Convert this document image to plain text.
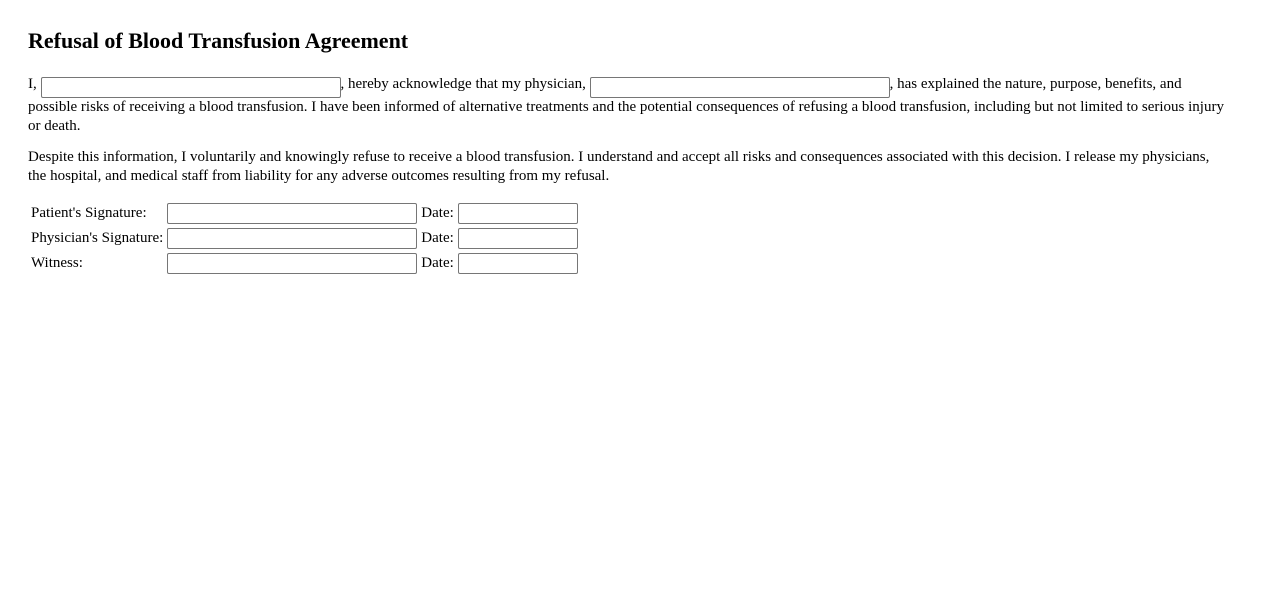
Refusal of Blood Transfusion Agreement

I,	, hereby acknowledge that my physician,	, has explained the nature, purpose, benefits, and possible risks of receiving a blood transfusion. I have been informed of alternative treatments and the potential consequences of refusing a blood transfusion, including but not limited to serious injury or death.

Despite this information, I voluntarily and knowingly refuse to receive a blood transfusion. I understand and accept all risks and consequences associated with this decision. I release my physicians, the hospital, and medical staff from liability for any adverse outcomes resulting from my refusal.

Patient's Signature:		Date:	
Physician's Signature:		Date:	
Witness:		Date:	
